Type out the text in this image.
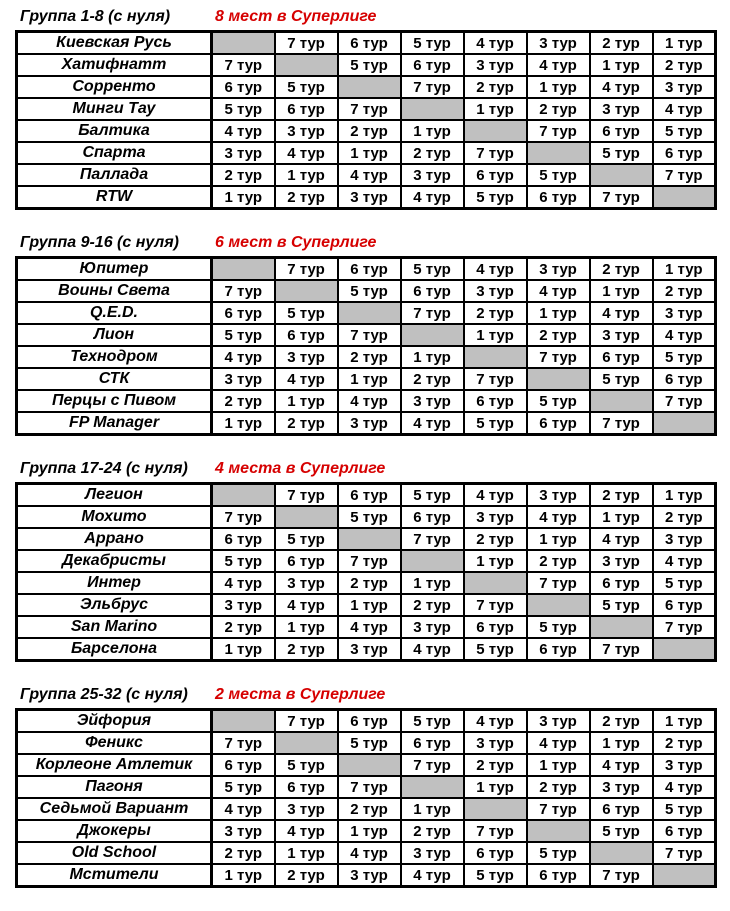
Группа 1-8 (с нуля)	8 мест в Суперлиге
Киевская Русь		7 тур	6 тур	5 тур	4 тур	3 тур	2 тур	1 тур
Хатифнатт	7 тур		5 тур	6 тур	3 тур	4 тур	1 тур	2 тур
Сорренто	6 тур	5 тур		7 тур	2 тур	1 тур	4 тур	3 тур
Минги Тау	5 тур	6 тур	7 тур		1 тур	2 тур	3 тур	4 тур
Балтика	4 тур	3 тур	2 тур	1 тур		7 тур	6 тур	5 тур
Спарта	3 тур	4 тур	1 тур	2 тур	7 тур		5 тур	6 тур
Паллада	2 тур	1 тур	4 тур	3 тур	6 тур	5 тур		7 тур
RTW	1 тур	2 тур	3 тур	4 тур	5 тур	6 тур	7 тур	
Группа 9-16 (с нуля)	6 мест в Суперлиге
Юпитер		7 тур	6 тур	5 тур	4 тур	3 тур	2 тур	1 тур
Воины Света	7 тур		5 тур	6 тур	3 тур	4 тур	1 тур	2 тур
Q.E.D.	6 тур	5 тур		7 тур	2 тур	1 тур	4 тур	3 тур
Лион	5 тур	6 тур	7 тур		1 тур	2 тур	3 тур	4 тур
Технодром	4 тур	3 тур	2 тур	1 тур		7 тур	6 тур	5 тур
СТК	3 тур	4 тур	1 тур	2 тур	7 тур		5 тур	6 тур
Перцы с Пивом	2 тур	1 тур	4 тур	3 тур	6 тур	5 тур		7 тур
FP Manager	1 тур	2 тур	3 тур	4 тур	5 тур	6 тур	7 тур	
Группа 17-24 (с нуля)	4 места в Суперлиге
Легион		7 тур	6 тур	5 тур	4 тур	3 тур	2 тур	1 тур
Мохито	7 тур		5 тур	6 тур	3 тур	4 тур	1 тур	2 тур
Аррано	6 тур	5 тур		7 тур	2 тур	1 тур	4 тур	3 тур
Декабристы	5 тур	6 тур	7 тур		1 тур	2 тур	3 тур	4 тур
Интер	4 тур	3 тур	2 тур	1 тур		7 тур	6 тур	5 тур
Эльбрус	3 тур	4 тур	1 тур	2 тур	7 тур		5 тур	6 тур
San Marino	2 тур	1 тур	4 тур	3 тур	6 тур	5 тур		7 тур
Барселона	1 тур	2 тур	3 тур	4 тур	5 тур	6 тур	7 тур	
Группа 25-32 (с нуля)	2 места в Суперлиге
Эйфория		7 тур	6 тур	5 тур	4 тур	3 тур	2 тур	1 тур
Феникс	7 тур		5 тур	6 тур	3 тур	4 тур	1 тур	2 тур
Корлеоне Атлетик	6 тур	5 тур		7 тур	2 тур	1 тур	4 тур	3 тур
Пагоня	5 тур	6 тур	7 тур		1 тур	2 тур	3 тур	4 тур
Седьмой Вариант	4 тур	3 тур	2 тур	1 тур		7 тур	6 тур	5 тур
Джокеры	3 тур	4 тур	1 тур	2 тур	7 тур		5 тур	6 тур
Old School	2 тур	1 тур	4 тур	3 тур	6 тур	5 тур		7 тур
Мстители	1 тур	2 тур	3 тур	4 тур	5 тур	6 тур	7 тур	
